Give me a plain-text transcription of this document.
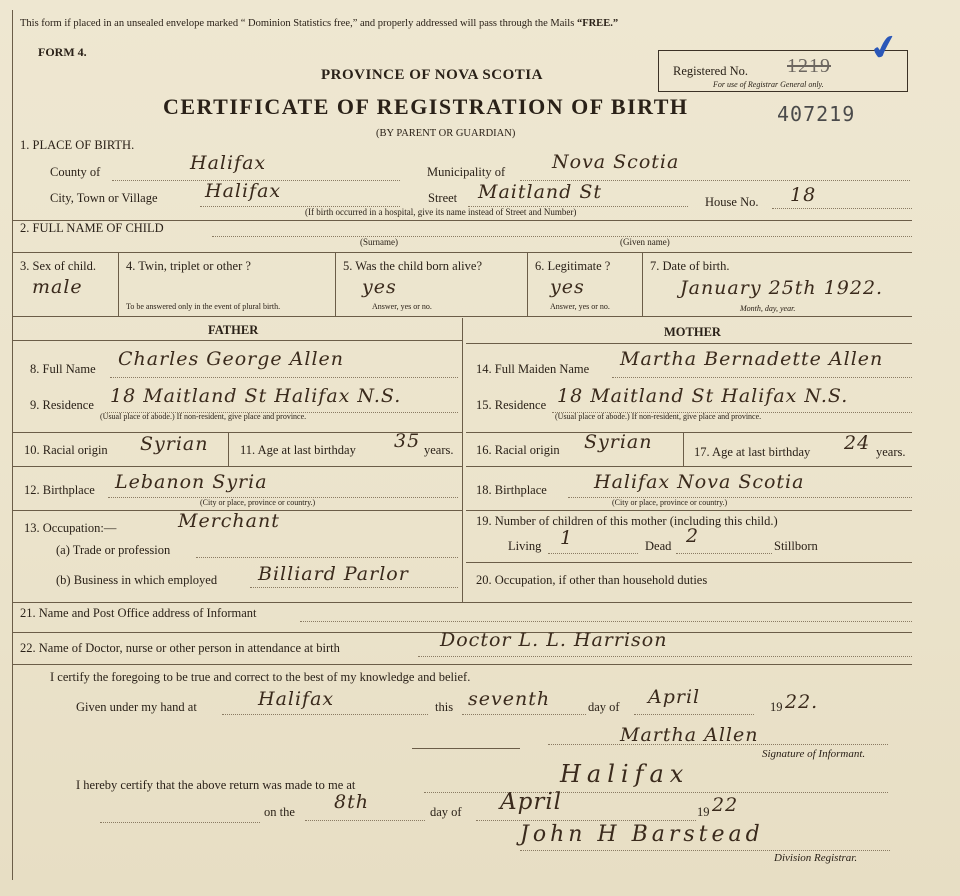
This form if placed in an unsealed envelope marked “ Dominion Statistics free,” and properly addressed will pass through the Mails “FREE.”
FORM 4.
PROVINCE OF NOVA SCOTIA	Registered No. 1219
For use of Registrar General only.
✔
CERTIFICATE OF REGISTRATION OF BIRTH	407219
(BY PARENT OR GUARDIAN)
1. PLACE OF BIRTH.
County of	Halifax	Municipality of Nova Scotia
City, Town or Village Halifax	Street Maitland St
(If birth occurred in a hospital, give its name instead of Street and Number)
House No. 18
2. FULL NAME OF CHILD
(Surname)	(Given name)
3. Sex of child.
male
4. Twin, triplet or other ?
To be answered only in the event of plural birth.
5. Was the child born alive?
yes
Answer, yes or no.
6. Legitimate ?
yes
Answer, yes or no.
7. Date of birth.
January 25th 1922.
Month, day, year.
FATHER	MOTHER
8. Full Name Charles George Allen
9. Residence 18 Maitland St Halifax N.S.
(Usual place of abode.) If non-resident, give place and province.
10. Racial origin Syrian	11. Age at last birthday 35 years.
12. Birthplace Lebanon Syria
(City or place, province or country.)
13. Occupation:—	Merchant
(a) Trade or profession
(b) Business in which employed Billiard Parlor
14. Full Maiden Name Martha Bernadette Allen
15. Residence 18 Maitland St Halifax N.S.
(Usual place of abode.) If non-resident, give place and province.
16. Racial origin Syrian	17. Age at last birthday 24 years.
18. Birthplace Halifax Nova Scotia
(City or place, province or country.)
19. Number of children of this mother (including this child.)
Living 1	Dead 2	Stillborn
20. Occupation, if other than household duties
21. Name and Post Office address of Informant
22. Name of Doctor, nurse or other person in attendance at birth	Doctor L. L. Harrison
I certify the foregoing to be true and correct to the best of my knowledge and belief.
Given under my hand at	Halifax	this seventh	day of April	19 22.
Martha Allen
Signature of Informant.
I hereby certify that the above return was made to me at	Halifax
on the 8th	day of April	19 22
John H Barstead
Division Registrar.
